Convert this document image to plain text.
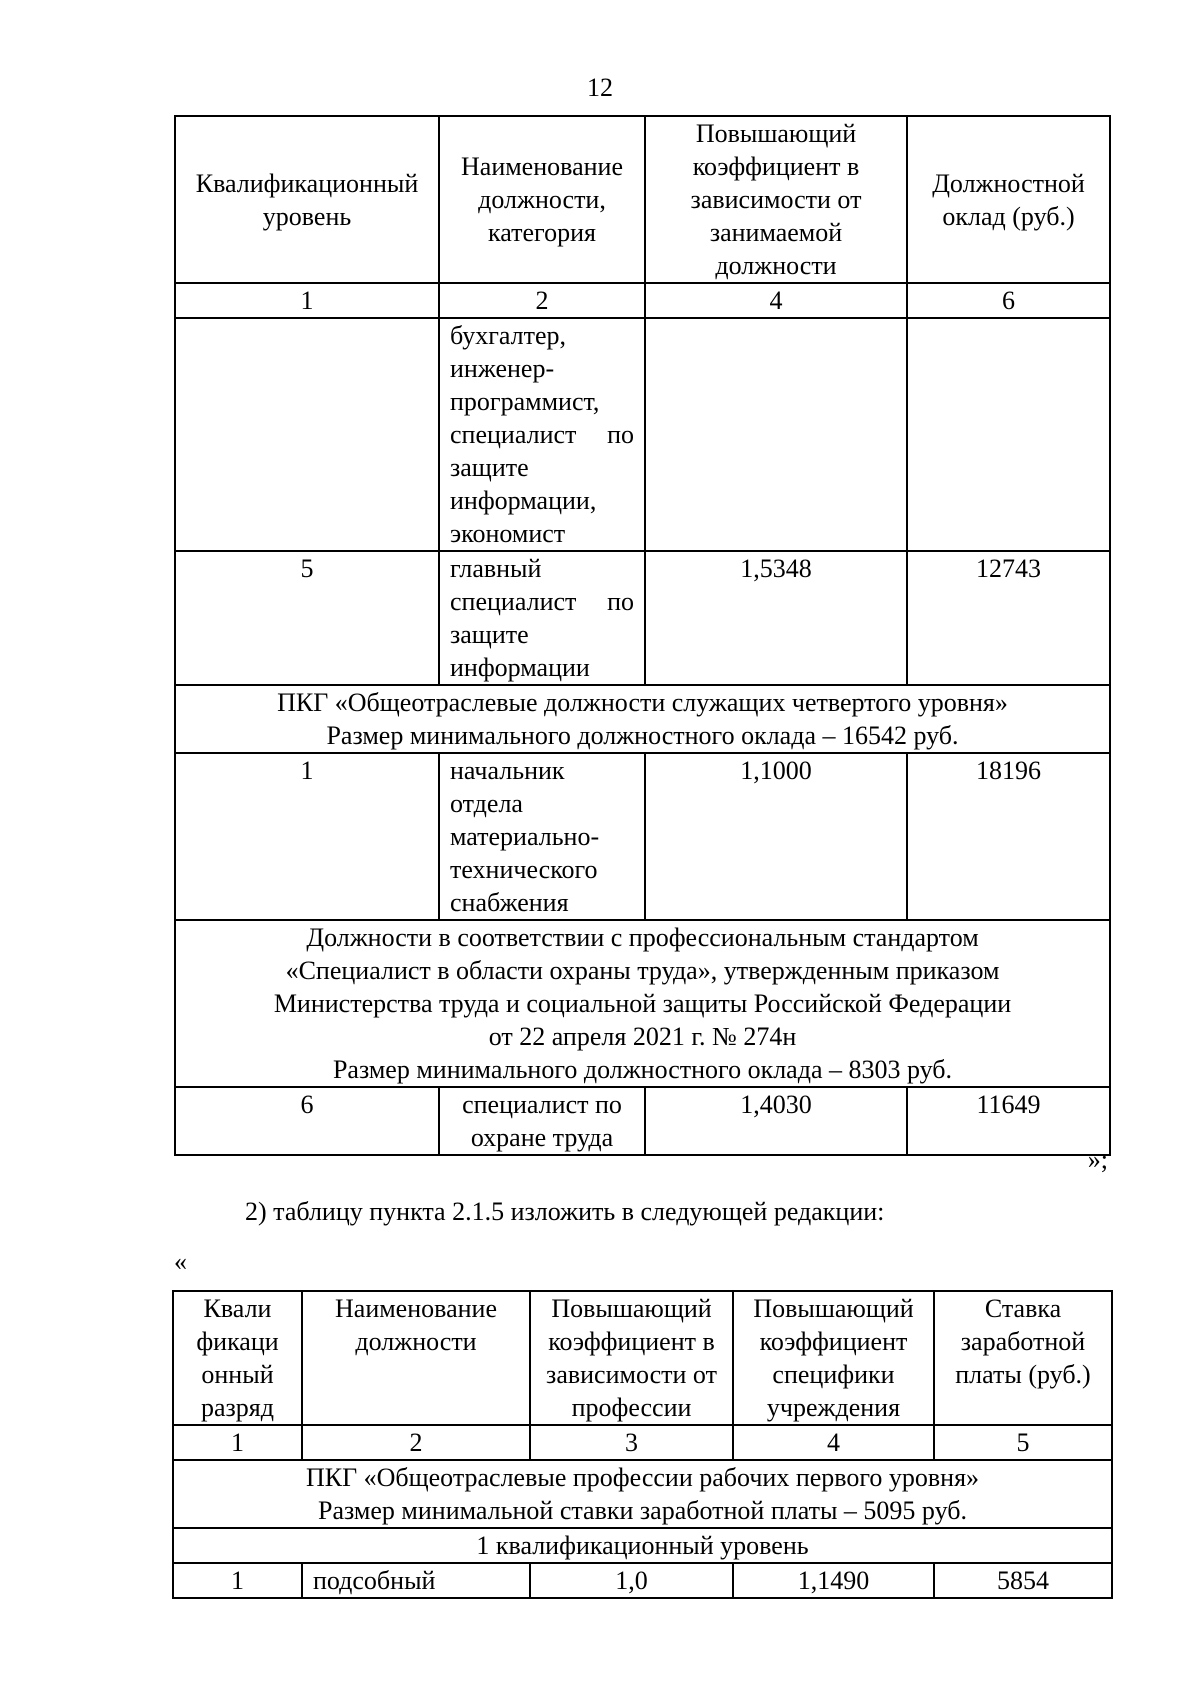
12
Квалификационный уровень	Наименование должности, категория	Повышающий коэффициент в зависимости от занимаемой должности	Должностной оклад (руб.)
1	2	4	6
	бухгалтер, инженер-программист, специалист по защите информации, экономист		
5	главный специалист по защите информации	1,5348	12743
ПКГ «Общеотраслевые должности служащих четвертого уровня»
Размер минимального должностного оклада – 16542 руб.			
1	начальник отдела материально-технического снабжения	1,1000	18196
Должности в соответствии с профессиональным стандартом
«Специалист в области охраны труда», утвержденным приказом
Министерства труда и социальной защиты Российской Федерации
от 22 апреля 2021 г. № 274н
Размер минимального должностного оклада – 8303 руб.			
6	специалист по охране труда	1,4030	11649
»;
2) таблицу пункта 2.1.5 изложить в следующей редакции:
«
Квали
фикаци
онный
разряд	Наименование должности	Повышающий коэффициент в зависимости от профессии	Повышающий коэффициент специфики учреждения	Ставка заработной платы (руб.)
1	2	3	4	5
ПКГ «Общеотраслевые профессии рабочих первого уровня»
Размер минимальной ставки заработной платы – 5095 руб.				
1 квалификационный уровень				
1	подсобный	1,0	1,1490	5854
